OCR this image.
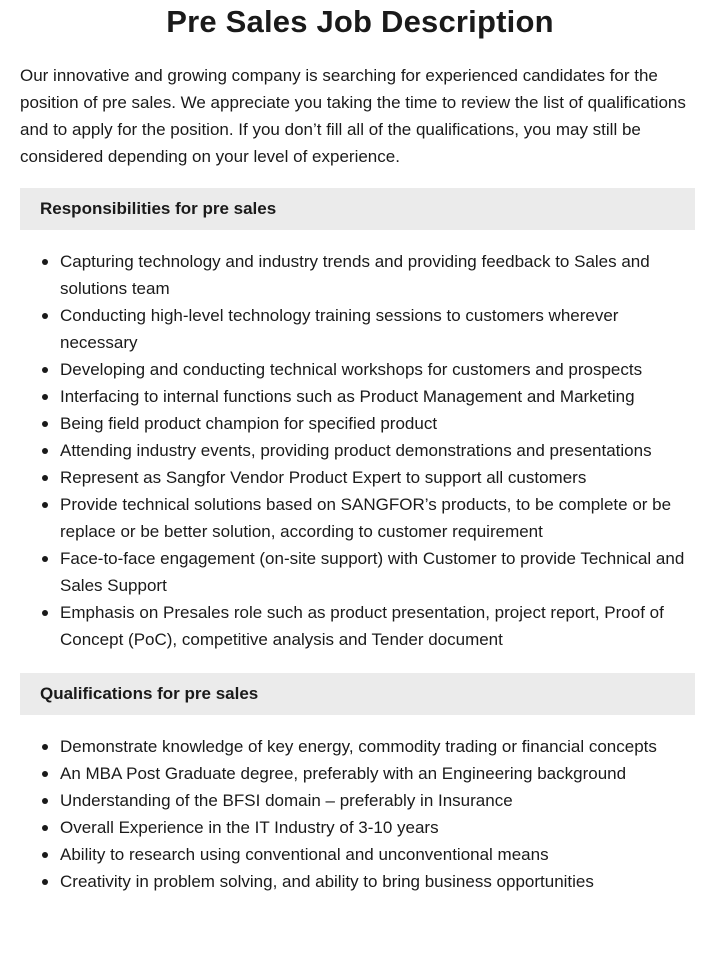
Pre Sales Job Description

Our innovative and growing company is searching for experienced candidates for the position of pre sales. We appreciate you taking the time to review the list of qualifications and to apply for the position. If you don’t fill all of the qualifications, you may still be considered depending on your level of experience.

Responsibilities for pre sales
Capturing technology and industry trends and providing feedback to Sales and solutions team
Conducting high-level technology training sessions to customers wherever necessary
Developing and conducting technical workshops for customers and prospects
Interfacing to internal functions such as Product Management and Marketing
Being field product champion for specified product
Attending industry events, providing product demonstrations and presentations
Represent as Sangfor Vendor Product Expert to support all customers
Provide technical solutions based on SANGFOR’s products, to be complete or be replace or be better solution, according to customer requirement
Face-to-face engagement (on-site support) with Customer to provide Technical and Sales Support
Emphasis on Presales role such as product presentation, project report, Proof of Concept (PoC), competitive analysis and Tender document
Qualifications for pre sales
Demonstrate knowledge of key energy, commodity trading or financial concepts
An MBA Post Graduate degree, preferably with an Engineering background
Understanding of the BFSI domain – preferably in Insurance
Overall Experience in the IT Industry of 3-10 years
Ability to research using conventional and unconventional means
Creativity in problem solving, and ability to bring business opportunities
